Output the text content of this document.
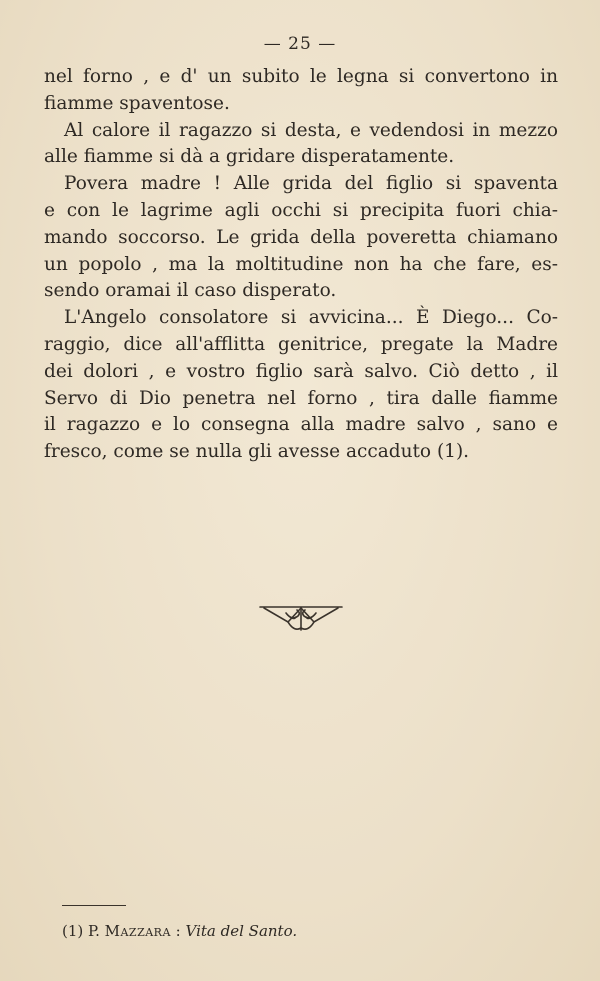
— 25 —
nel forno , e d' un subito le legna si convertono in
fiamme spaventose.
Al calore il ragazzo si desta, e vedendosi in mezzo
alle fiamme si dà a gridare disperatamente.
Povera madre ! Alle grida del figlio si spaventa
e con le lagrime agli occhi si precipita fuori chia-
mando soccorso. Le grida della poveretta chiamano
un popolo , ma la moltitudine non ha che fare, es-
sendo oramai il caso disperato.
L'Angelo consolatore si avvicina... È Diego... Co-
raggio, dice all'afflitta genitrice, pregate la Madre
dei dolori , e vostro figlio sarà salvo. Ciò detto , il
Servo di Dio penetra nel forno , tira dalle fiamme
il ragazzo e lo consegna alla madre salvo , sano e
fresco, come se nulla gli avesse accaduto (1).
(1) P. Mazzara : Vita del Santo.
